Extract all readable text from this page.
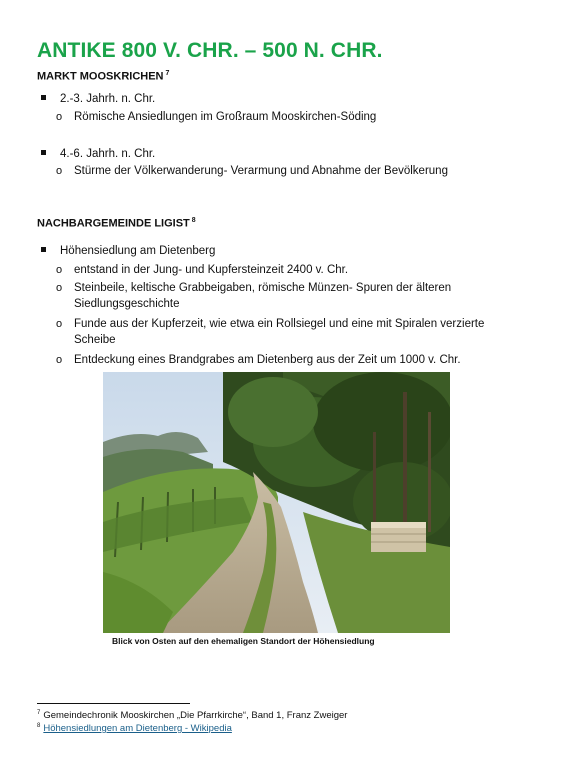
ANTIKE 800 V. CHR. – 500 N. CHR.
MARKT MOOSKRICHEN $^7$
2.-3. Jahrh. n. Chr.
o Römische Ansiedlungen im Großraum Mooskirchen-Söding
4.-6. Jahrh. n. Chr.
o Stürme der Völkerwanderung- Verarmung und Abnahme der Bevölkerung
NACHBARGEMEINDE LIGIST $^8$
Höhensiedlung am Dietenberg
o entstand in der Jung- und Kupfersteinzeit 2400 v. Chr.
o Steinbeile, keltische Grabbeigaben, römische Münzen- Spuren der älteren Siedlungsgeschichte
o Funde aus der Kupferzeit, wie etwa ein Rollsiegel und eine mit Spiralen verzierte Scheibe
o Entdeckung eines Brandgrabes am Dietenberg aus der Zeit um 1000 v. Chr.
Blick von Osten auf den ehemaligen Standort der Höhensiedlung
$^7$ Gemeindechronik Mooskirchen „Die Pfarrkirche“, Band 1, Franz Zweiger
$^8$ Höhensiedlungen am Dietenberg - Wikipedia
